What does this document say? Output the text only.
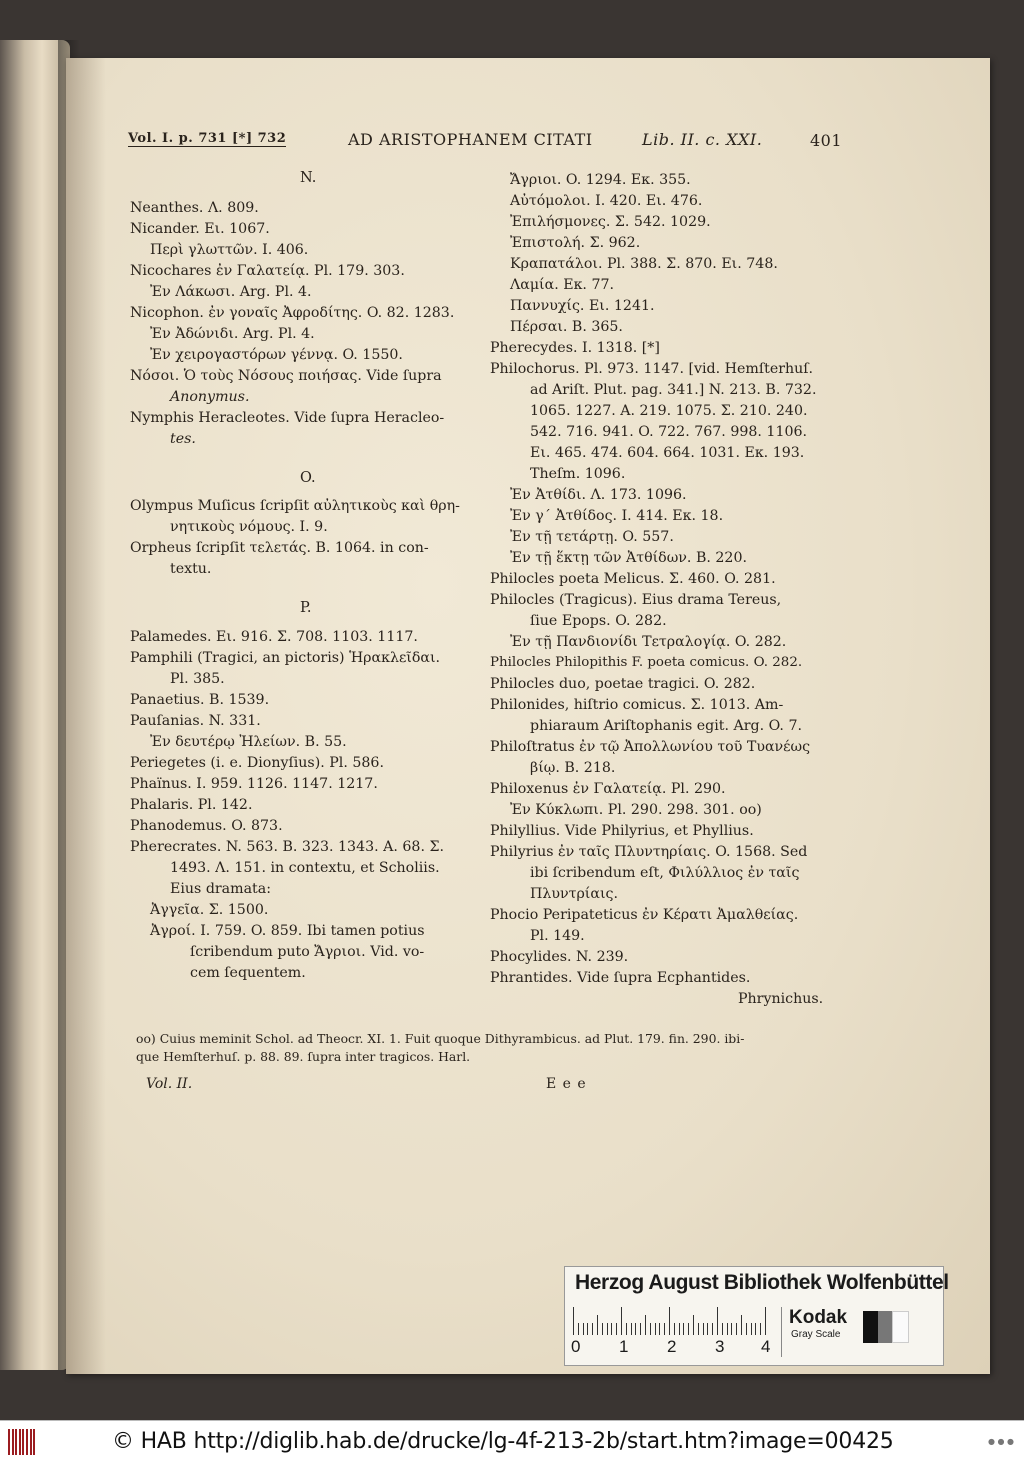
Vol. I. p. 731 [*] 732	AD ARISTOPHANEM CITATI	Lib. II. c. XXI.	401
N.
Neanthes. Λ. 809.
Nicander. Ει. 1067.
Περὶ γλωττῶν. I. 406.
Nicochares ἐν Γαλατείᾳ. Pl. 179. 303.
Ἐν Λάκωσι. Arg. Pl. 4.
Nicophon. ἐν γοναῖς Ἀφροδίτης. O. 82. 1283.
Ἐν Ἀδώνιδι. Arg. Pl. 4.
Ἐν χειρογαστόρων γέννᾳ. O. 1550.
Νόσοι. Ὁ τοὺς Νόσους ποιήσας. Vide ſupra
Anonymus.
Nymphis Heracleotes. Vide ſupra Heracleo-
tes.
O.
Olympus Muſicus ſcripſit αὐλητικοὺς καὶ θρη-
νητικοὺς νόμους. I. 9.
Orpheus ſcripſit τελετάς. B. 1064. in con-
textu.
P.
Palamedes. Ει. 916. Σ. 708. 1103. 1117.
Pamphili (Tragici, an pictoris) Ἡρακλεῖδαι.
Pl. 385.
Panaetius. B. 1539.
Pauſanias. N. 331.
Ἐν δευτέρῳ Ἠλείων. B. 55.
Periegetes (i. e. Dionyſius). Pl. 586.
Phaïnus. I. 959. 1126. 1147. 1217.
Phalaris. Pl. 142.
Phanodemus. O. 873.
Pherecrates. N. 563. B. 323. 1343. A. 68. Σ.
1493. Λ. 151. in contextu, et Scholiis.
Eius dramata:
Ἀγγεῖα. Σ. 1500.
Ἀγροί. I. 759. O. 859. Ibi tamen potius
ſcribendum puto Ἄγριοι. Vid. vo-
cem ſequentem.
Ἄγριοι. O. 1294. Εκ. 355.
Αὐτόμολοι. I. 420. Ει. 476.
Ἐπιλήσμονες. Σ. 542. 1029.
Ἐπιστολή. Σ. 962.
Κραπατάλοι. Pl. 388. Σ. 870. Ει. 748.
Λαμία. Εκ. 77.
Παννυχίς. Ει. 1241.
Πέρσαι. B. 365.
Pherecydes. I. 1318. [*]
Philochorus. Pl. 973. 1147. [vid. Hemſterhuſ.
ad Ariſt. Plut. pag. 341.] N. 213. B. 732.
1065. 1227. A. 219. 1075. Σ. 210. 240.
542. 716. 941. O. 722. 767. 998. 1106.
Ει. 465. 474. 604. 664. 1031. Εκ. 193.
Theſm. 1096.
Ἐν Ἀτθίδι. Λ. 173. 1096.
Ἐν γ´ Ἀτθίδος. I. 414. Εκ. 18.
Ἐν τῇ τετάρτῃ. O. 557.
Ἐν τῇ ἕκτῃ τῶν Ἀτθίδων. B. 220.
Philocles poeta Melicus. Σ. 460. O. 281.
Philocles (Tragicus). Eius drama Tereus,
ſiue Epops. O. 282.
Ἐν τῇ Πανδιονίδι Τετραλογίᾳ. O. 282.
Philocles Philopithis F. poeta comicus. O. 282.
Philocles duo, poetae tragici. O. 282.
Philonides, hiſtrio comicus. Σ. 1013. Am-
phiaraum Ariſtophanis egit. Arg. O. 7.
Philoſtratus ἐν τῷ Ἀπολλωνίου τοῦ Τυανέως
βίῳ. B. 218.
Philoxenus ἐν Γαλατείᾳ. Pl. 290.
Ἐν Κύκλωπι. Pl. 290. 298. 301. oo)
Philyllius. Vide Philyrius, et Phyllius.
Philyrius ἐν ταῖς Πλυντηρίαις. O. 1568. Sed
ibi ſcribendum eſt, Φιλύλλιος ἐν ταῖς
Πλυντρίαις.
Phocio Peripateticus ἐν Κέρατι Ἀμαλθείας.
Pl. 149.
Phocylides. N. 239.
Phrantides. Vide ſupra Ecphantides.
Phrynichus.
oo) Cuius meminit Schol. ad Theocr. XI. 1. Fuit quoque Dithyrambicus. ad Plut. 179. fin. 290. ibi-
que Hemſterhuſ. p. 88. 89. ſupra inter tragicos. Harl.
Vol. II.	E e e
Herzog August Bibliothek Wolfenbüttel
0 1 2 3 4
Kodak
Gray Scale
© HAB http://diglib.hab.de/drucke/lg-4f-213-2b/start.htm?image=00425	● ● ●
